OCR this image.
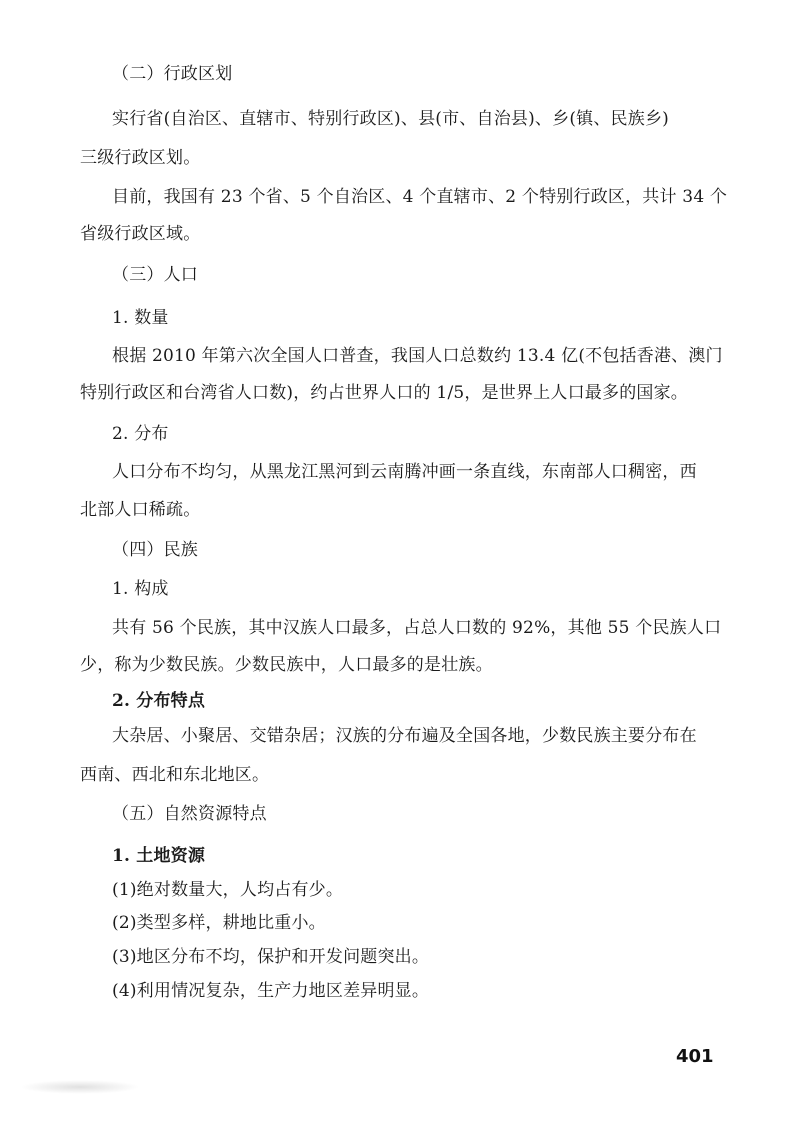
（二）行政区划
实行省(自治区、直辖市、特别行政区)、县(市、自治县)、乡(镇、民族乡)
三级行政区划。
目前，我国有 23 个省、5 个自治区、4 个直辖市、2 个特别行政区，共计 34 个
省级行政区域。
（三）人口
1. 数量
根据 2010 年第六次全国人口普查，我国人口总数约 13.4 亿(不包括香港、澳门
特别行政区和台湾省人口数)，约占世界人口的 1/5，是世界上人口最多的国家。
2. 分布
人口分布不均匀，从黑龙江黑河到云南腾冲画一条直线，东南部人口稠密，西
北部人口稀疏。
（四）民族
1. 构成
共有 56 个民族，其中汉族人口最多，占总人口数的 92%，其他 55 个民族人口
少，称为少数民族。少数民族中，人口最多的是壮族。
2. 分布特点
大杂居、小聚居、交错杂居；汉族的分布遍及全国各地，少数民族主要分布在
西南、西北和东北地区。
（五）自然资源特点
1. 土地资源
(1)绝对数量大，人均占有少。
(2)类型多样，耕地比重小。
(3)地区分布不均，保护和开发问题突出。
(4)利用情况复杂，生产力地区差异明显。
401
